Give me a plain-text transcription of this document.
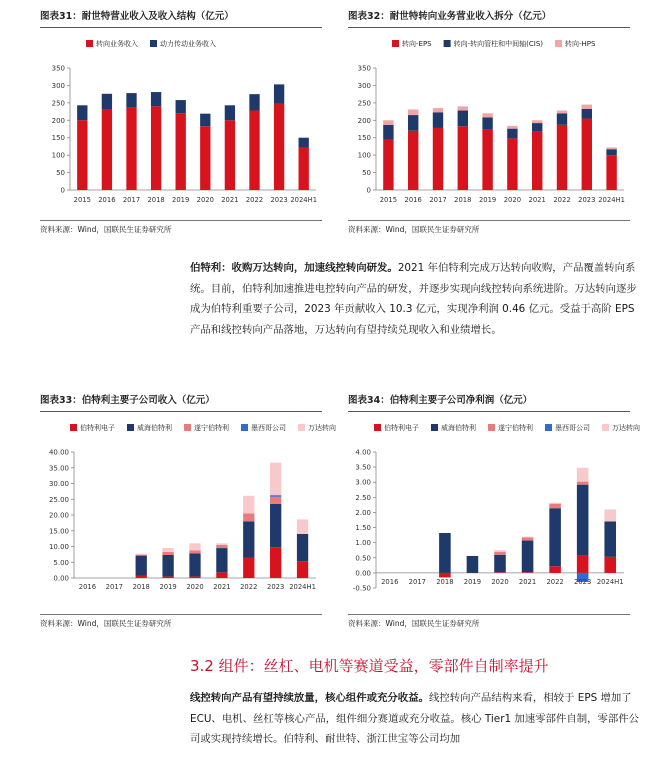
图表31：耐世特营业收入及收入结构（亿元）
转向业务收入	动力传动业务收入
0
50
100
150
200
250
300
350
2015 2016 2017 2018 2019 2020 2021 2022 2023 2024H1
资料来源：Wind，国联民生证券研究所
图表32：耐世特转向业务营业收入拆分（亿元）
转向-EPS	转向-转向管柱和中间轴(CIS)	转向-HPS
0
50
100
150
200
250
300
350
2015 2016 2017 2018 2019 2020 2021 2022 2023 2024H1
资料来源：Wind，国联民生证券研究所
伯特利：收购万达转向，加速线控转向研发。2021 年伯特利完成万达转向收购，产品覆盖转向系统。目前，伯特利加速推进电控转向产品的研发，并逐步实现向线控转向系统进阶。万达转向逐步成为伯特利重要子公司，2023 年贡献收入 10.3 亿元，实现净利润 0.46 亿元。受益于高阶 EPS 产品和线控转向产品落地，万达转向有望持续兑现收入和业绩增长。
图表33：伯特利主要子公司收入（亿元）
伯特利电子	威海伯特利	遂宁伯特利	墨西哥公司	万达转向
0.00
5.00
10.00
15.00
20.00
25.00
30.00
35.00
40.00
2016 2017 2018 2019 2020 2021 2022 2023 2024H1
资料来源：Wind，国联民生证券研究所
图表34：伯特利主要子公司净利润（亿元）
伯特利电子	威海伯特利	遂宁伯特利	墨西哥公司	万达转向
-0.50
0.00
0.50
1.00
1.50
2.00
2.50
3.00
3.50
4.00
2016 2017 2018 2019 2020 2021 2022 2023 2024H1
资料来源：Wind，国联民生证券研究所
3.2 组件：丝杠、电机等赛道受益，零部件自制率提升
线控转向产品有望持续放量，核心组件或充分收益。线控转向产品结构来看，相较于 EPS 增加了 ECU、电机、丝杠等核心产品，组件细分赛道或充分收益。核心 Tier1 加速零部件自制，零部件公司或实现持续增长。伯特利、耐世特、浙江世宝等公司均加
